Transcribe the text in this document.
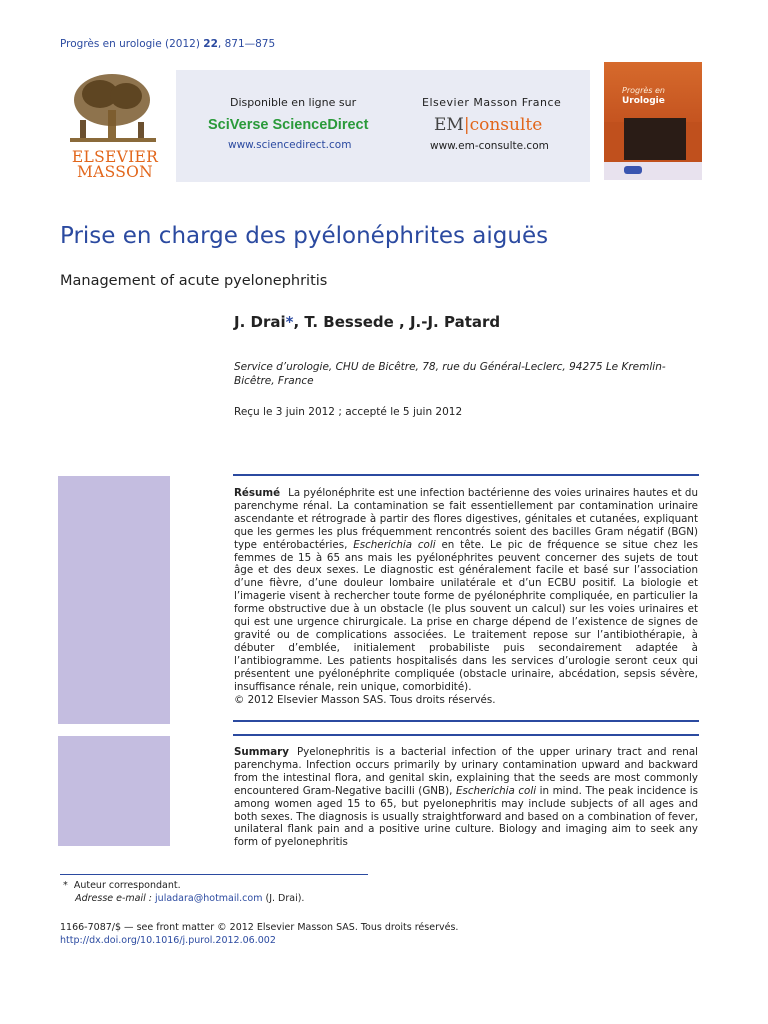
Progrès en urologie (2012) 22, 871—875
ELSEVIER
MASSON
Disponible en ligne sur
SciVerse ScienceDirect
www.sciencedirect.com
Elsevier Masson France
EM|consulte
www.em-consulte.com
Progrès en
Urologie
Prise en charge des pyélonéphrites aiguës
Management of acute pyelonephritis
J. Drai*, T. Bessede , J.-J. Patard
Service d’urologie, CHU de Bicêtre, 78, rue du Général-Leclerc, 94275 Le Kremlin-Bicêtre, France
Reçu le 3 juin 2012 ; accepté le 5 juin 2012
Résumé La pyélonéphrite est une infection bactérienne des voies urinaires hautes et du parenchyme rénal. La contamination se fait essentiellement par contamination urinaire ascendante et rétrograde à partir des flores digestives, génitales et cutanées, expliquant que les germes les plus fréquemment rencontrés soient des bacilles Gram négatif (BGN) type entérobactéries, Escherichia coli en tête. Le pic de fréquence se situe chez les femmes de 15 à 65 ans mais les pyélonéphrites peuvent concerner des sujets de tout âge et des deux sexes. Le diagnostic est généralement facile et basé sur l’association d’une fièvre, d’une douleur lombaire unilatérale et d’un ECBU positif. La biologie et l’imagerie visent à rechercher toute forme de pyélonéphrite compliquée, en particulier la forme obstructive due à un obstacle (le plus souvent un calcul) sur les voies urinaires et qui est une urgence chirurgicale. La prise en charge dépend de l’existence de signes de gravité ou de complications associées. Le traitement repose sur l’antibiothérapie, à débuter d’emblée, initialement probabiliste puis secondairement adaptée à l’antibiogramme. Les patients hospitalisés dans les services d’urologie seront ceux qui présentent une pyélonéphrite compliquée (obstacle urinaire, abcédation, sepsis sévère, insuffisance rénale, rein unique, comorbidité).
© 2012 Elsevier Masson SAS. Tous droits réservés.
Summary Pyelonephritis is a bacterial infection of the upper urinary tract and renal parenchyma. Infection occurs primarily by urinary contamination upward and backward from the intestinal flora, and genital skin, explaining that the seeds are most commonly encountered Gram-Negative bacilli (GNB), Escherichia coli in mind. The peak incidence is among women aged 15 to 65, but pyelonephritis may include subjects of all ages and both sexes. The diagnosis is usually straightforward and based on a combination of fever, unilateral flank pain and a positive urine culture. Biology and imaging aim to seek any form of pyelonephritis
* Auteur correspondant.
Adresse e-mail : juladara@hotmail.com (J. Drai).
1166-7087/$ — see front matter © 2012 Elsevier Masson SAS. Tous droits réservés.
http://dx.doi.org/10.1016/j.purol.2012.06.002
